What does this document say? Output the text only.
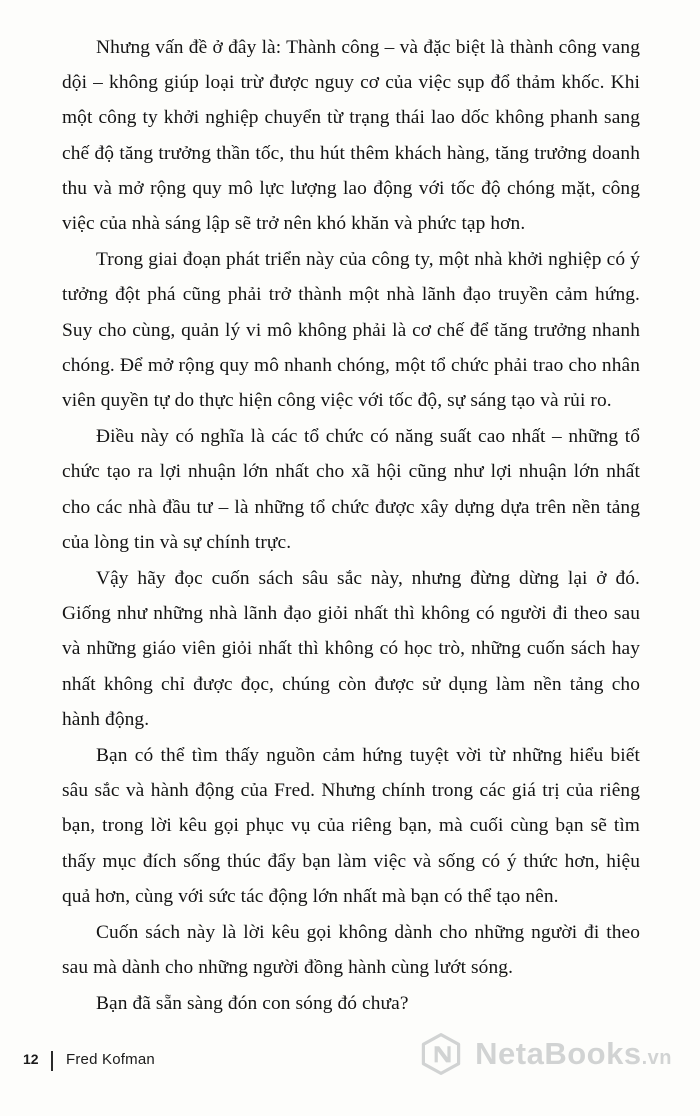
Nhưng vấn đề ở đây là: Thành công – và đặc biệt là thành công vang dội – không giúp loại trừ được nguy cơ của việc sụp đổ thảm khốc. Khi một công ty khởi nghiệp chuyển từ trạng thái lao dốc không phanh sang chế độ tăng trưởng thần tốc, thu hút thêm khách hàng, tăng trưởng doanh thu và mở rộng quy mô lực lượng lao động với tốc độ chóng mặt, công việc của nhà sáng lập sẽ trở nên khó khăn và phức tạp hơn.

Trong giai đoạn phát triển này của công ty, một nhà khởi nghiệp có ý tưởng đột phá cũng phải trở thành một nhà lãnh đạo truyền cảm hứng. Suy cho cùng, quản lý vi mô không phải là cơ chế để tăng trưởng nhanh chóng. Để mở rộng quy mô nhanh chóng, một tổ chức phải trao cho nhân viên quyền tự do thực hiện công việc với tốc độ, sự sáng tạo và rủi ro.

Điều này có nghĩa là các tổ chức có năng suất cao nhất – những tổ chức tạo ra lợi nhuận lớn nhất cho xã hội cũng như lợi nhuận lớn nhất cho các nhà đầu tư – là những tổ chức được xây dựng dựa trên nền tảng của lòng tin và sự chính trực.

Vậy hãy đọc cuốn sách sâu sắc này, nhưng đừng dừng lại ở đó. Giống như những nhà lãnh đạo giỏi nhất thì không có người đi theo sau và những giáo viên giỏi nhất thì không có học trò, những cuốn sách hay nhất không chỉ được đọc, chúng còn được sử dụng làm nền tảng cho hành động.

Bạn có thể tìm thấy nguồn cảm hứng tuyệt vời từ những hiểu biết sâu sắc và hành động của Fred. Nhưng chính trong các giá trị của riêng bạn, trong lời kêu gọi phục vụ của riêng bạn, mà cuối cùng bạn sẽ tìm thấy mục đích sống thúc đẩy bạn làm việc và sống có ý thức hơn, hiệu quả hơn, cùng với sức tác động lớn nhất mà bạn có thể tạo nên.

Cuốn sách này là lời kêu gọi không dành cho những người đi theo sau mà dành cho những người đồng hành cùng lướt sóng.

Bạn đã sẵn sàng đón con sóng đó chưa?

12 Fred Kofman	NetaBooks.vn
